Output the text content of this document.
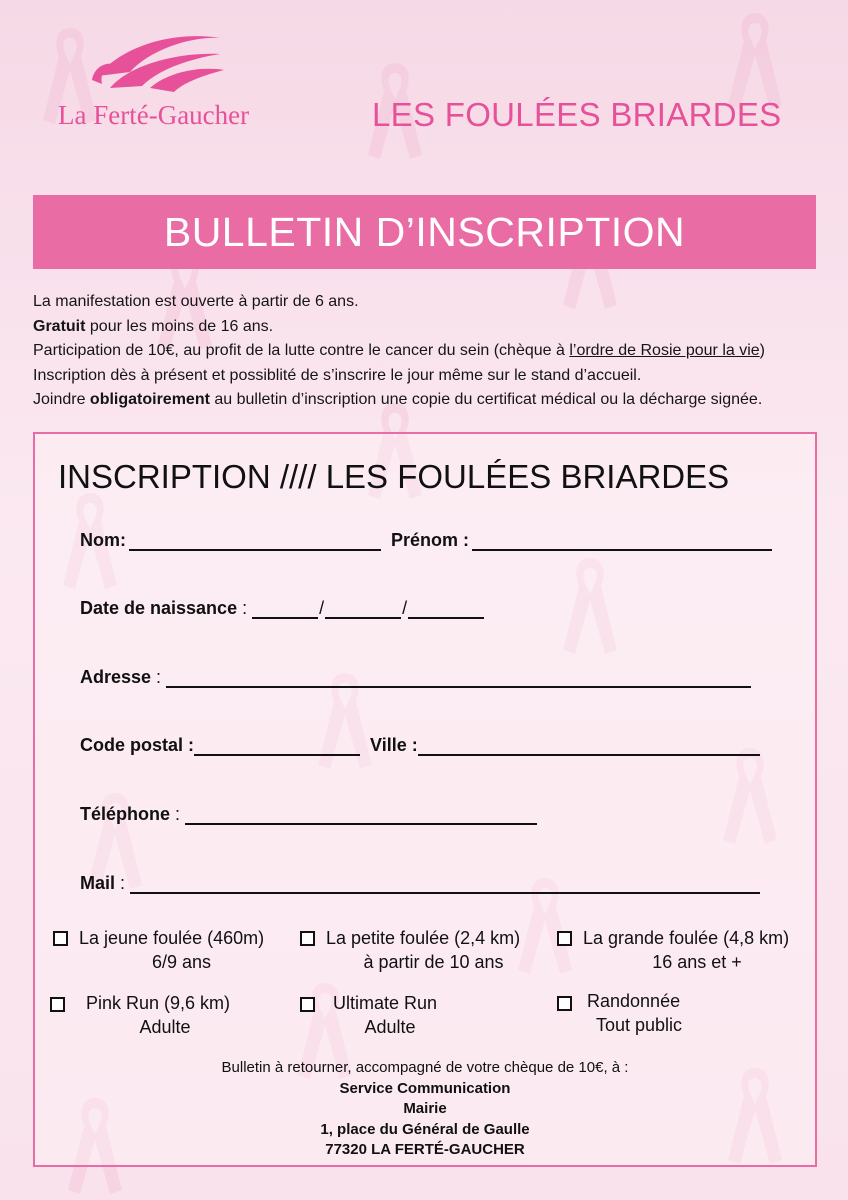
La Ferté-Gaucher	LES FOULÉES BRIARDES
BULLETIN D’INSCRIPTION

La manifestation est ouverte à partir de 6 ans.

Gratuit pour les moins de 16 ans.

Participation de 10€, au profit de la lutte contre le cancer du sein (chèque à l’ordre de Rosie pour la vie)

Inscription dès à présent et possiblité de s’inscrire le jour même sur le stand d’accueil.

Joindre obligatoirement au bulletin d’inscription une copie du certificat médical ou la décharge signée.

INSCRIPTION //// LES FOULÉES BRIARDES
Nom:	Prénom :
Date de naissance :	/	/
Adresse :
Code postal :	Ville :
Téléphone :
Mail :
La jeune foulée (460m)
6/9 ans
La petite foulée (2,4 km)
à partir de 10 ans
La grande foulée (4,8 km)
16 ans et +
Pink Run (9,6 km)
Adulte
Ultimate Run
Adulte
Randonnée
Tout public
Bulletin à retourner, accompagné de votre chèque de 10€, à :
Service Communication
Mairie
1, place du Général de Gaulle
77320 LA FERTÉ-GAUCHER
